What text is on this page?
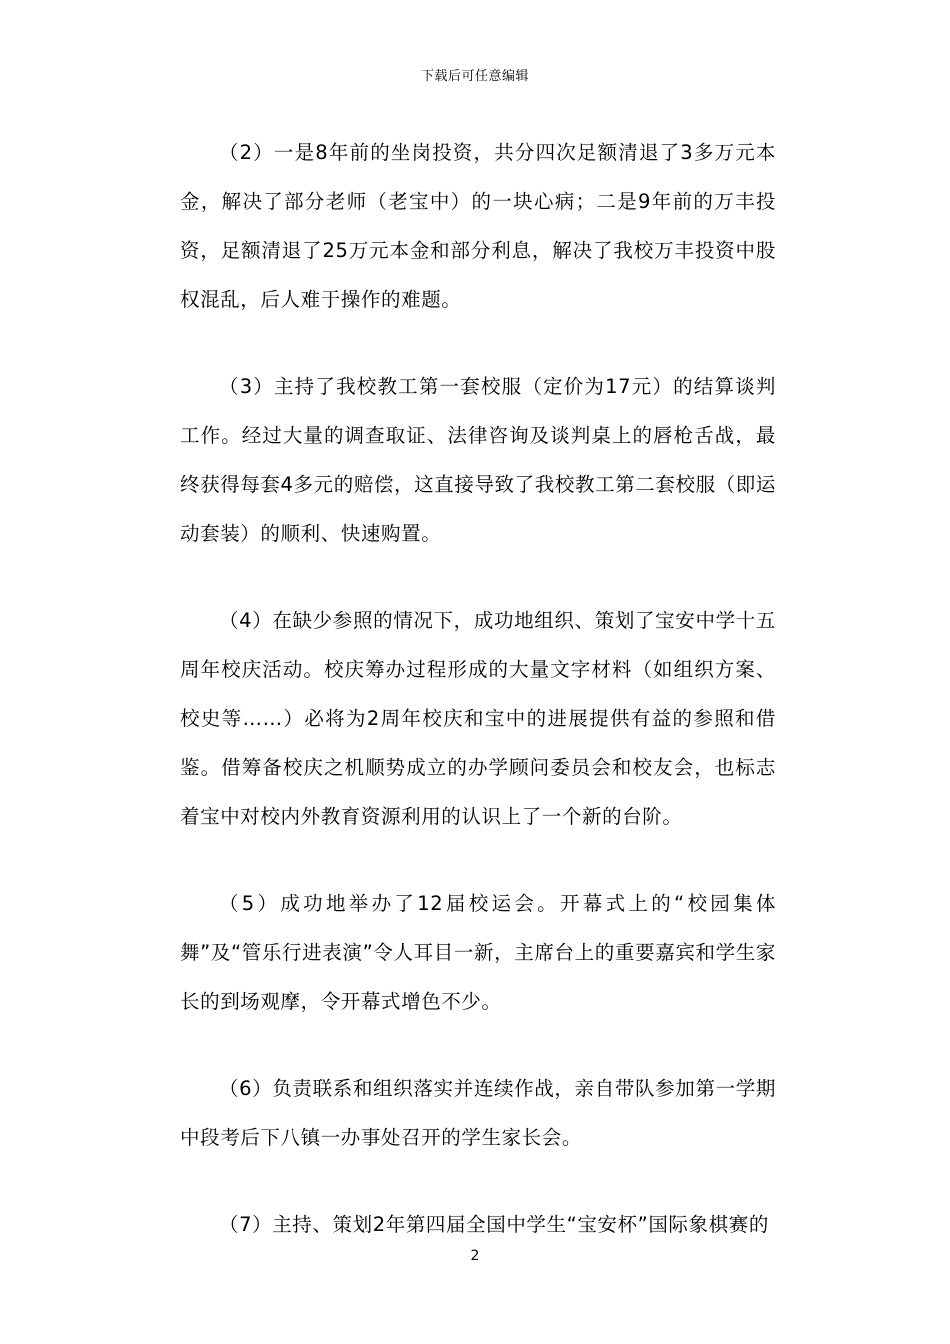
下载后可任意编辑

（2）一是8年前的坐岗投资，共分四次足额清退了3多万元本金，解决了部分老师（老宝中）的一块心病；二是9年前的万丰投资，足额清退了25万元本金和部分利息，解决了我校万丰投资中股权混乱，后人难于操作的难题。

（3）主持了我校教工第一套校服（定价为17元）的结算谈判工作。经过大量的调查取证、法律咨询及谈判桌上的唇枪舌战，最终获得每套4多元的赔偿，这直接导致了我校教工第二套校服（即运动套装）的顺利、快速购置。

（4）在缺少参照的情况下，成功地组织、策划了宝安中学十五周年校庆活动。校庆筹办过程形成的大量文字材料（如组织方案、校史等……）必将为2周年校庆和宝中的进展提供有益的参照和借鉴。借筹备校庆之机顺势成立的办学顾问委员会和校友会，也标志着宝中对校内外教育资源利用的认识上了一个新的台阶。

（5）成功地举办了12届校运会。开幕式上的“校园集体舞”及“管乐行进表演”令人耳目一新，主席台上的重要嘉宾和学生家长的到场观摩，令开幕式增色不少。

（6）负责联系和组织落实并连续作战，亲自带队参加第一学期中段考后下八镇一办事处召开的学生家长会。

（7）主持、策划2年第四届全国中学生“宝安杯”国际象棋赛的

2
